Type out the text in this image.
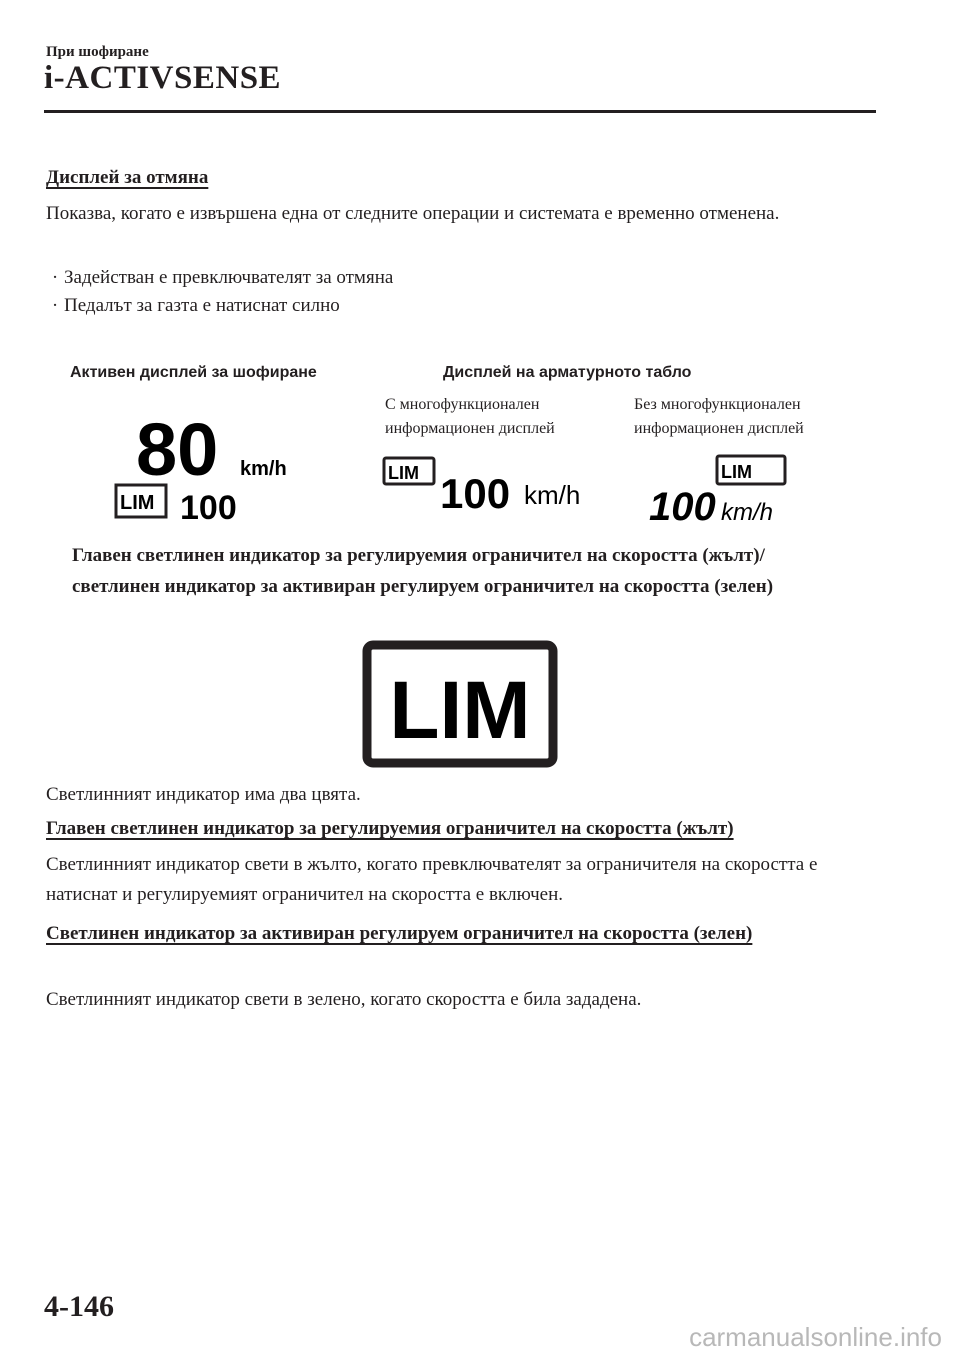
При шофиране
i-ACTIVSENSE
Дисплей за отмяна
Показва, когато е извършена една от следните операции и системата е временно отменена.
· Задействан е превключвателят за отмяна
· Педалът за газта е натиснат силно
Активен дисплей за шофиране	Дисплей на арматурното табло
С многофункционален информационен дисплей
Без многофункционален информационен дисплей
80 km/h
LIM 100
LIM 100 km/h
LIM
100 km/h
Главен светлинен индикатор за регулируемия ограничител на скоростта (жълт)/светлинен индикатор за активиран регулируем ограничител на скоростта (зелен)
LIM
Светлинният индикатор има два цвята.
Главен светлинен индикатор за регулируемия ограничител на скоростта (жълт)
Светлинният индикатор свети в жълто, когато превключвателят за ограничителя на скоростта е натиснат и регулируемият ограничител на скоростта е включен.
Светлинен индикатор за активиран регулируем ограничител на скоростта (зелен)
Светлинният индикатор свети в зелено, когато скоростта е била зададена.
4-146
carmanualsonline.info
